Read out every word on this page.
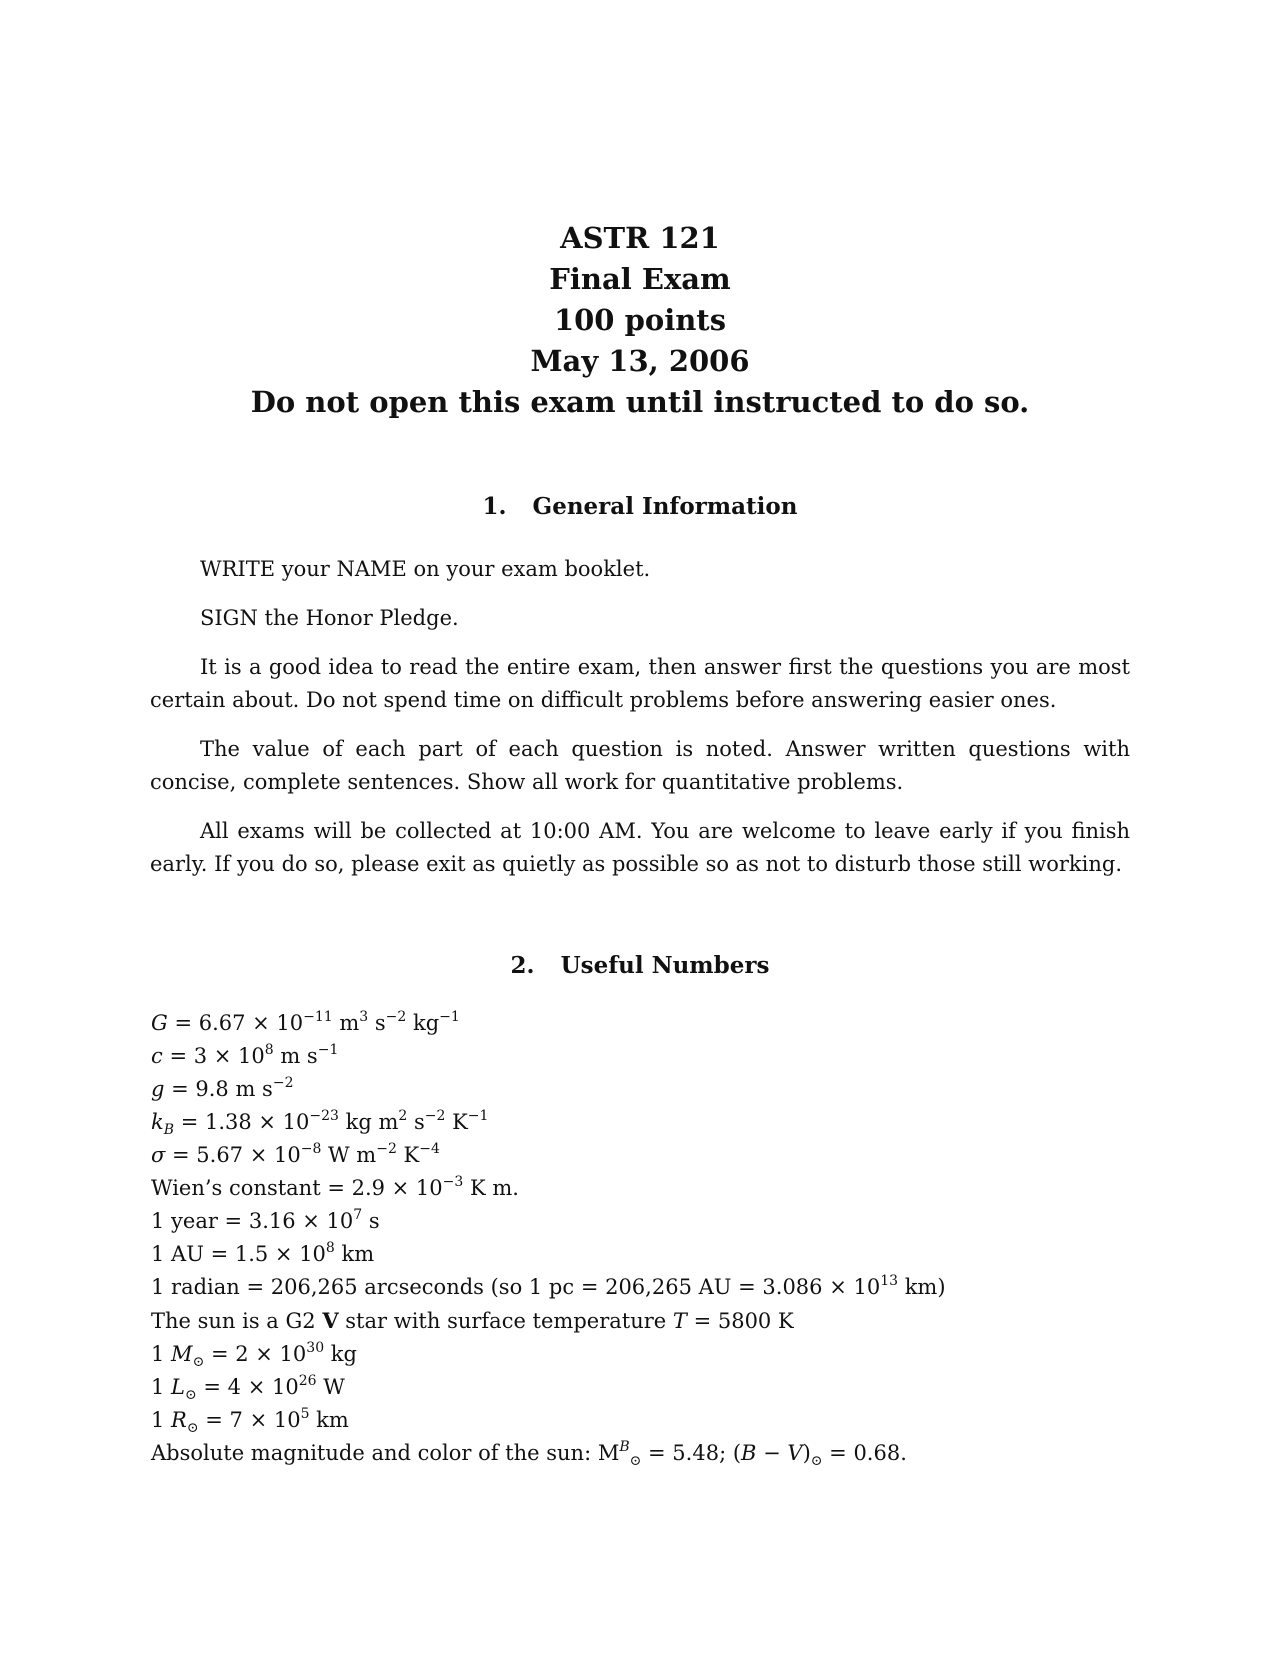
ASTR 121
Final Exam
100 points
May 13, 2006
Do not open this exam until instructed to do so.
1. General Information

WRITE your NAME on your exam booklet.

SIGN the Honor Pledge.

It is a good idea to read the entire exam, then answer first the questions you are most certain about. Do not spend time on difficult problems before answering easier ones.

The value of each part of each question is noted. Answer written questions with concise, complete sentences. Show all work for quantitative problems.

All exams will be collected at 10:00 AM. You are welcome to leave early if you finish early. If you do so, please exit as quietly as possible so as not to disturb those still working.

2. Useful Numbers
$G = 6.67 \times 10^{-11}$ $m^3$ $s^{-2}$ $kg^{-1}$
$c = 3 \times 10^8$ m $s^{-1}$
g = 9.8 m $s^{-2}$
$k_B = 1.38 \times 10^{-23}$ kg $m^2$ $s^{-2}$ $K^{-1}$
$\sigma = 5.67 \times 10^{-8}$ W $m^{-2}$ $K^{-4}$
Wien’s constant = $2.9 \times 10^{-3}$ K m.
1 year = $3.16 \times 10^7$ s
1 AU = $1.5 \times 10^8$ km
1 radian = 206,265 arcseconds (so 1 pc = 206,265 AU = $3.086 \times 10^{13}$ km)
The sun is a G2 V star with surface temperature T = 5800 K
1 $M_⊙ = 2 \times 10^{30}$ kg
1 $L_⊙ = 4 \times 10^{26}$ W
1 $R_⊙ = 7 \times 10^5$ km
Absolute magnitude and color of the sun: $M^B_⊙ = 5.48$; $(B - V)_⊙ = 0.68$.
